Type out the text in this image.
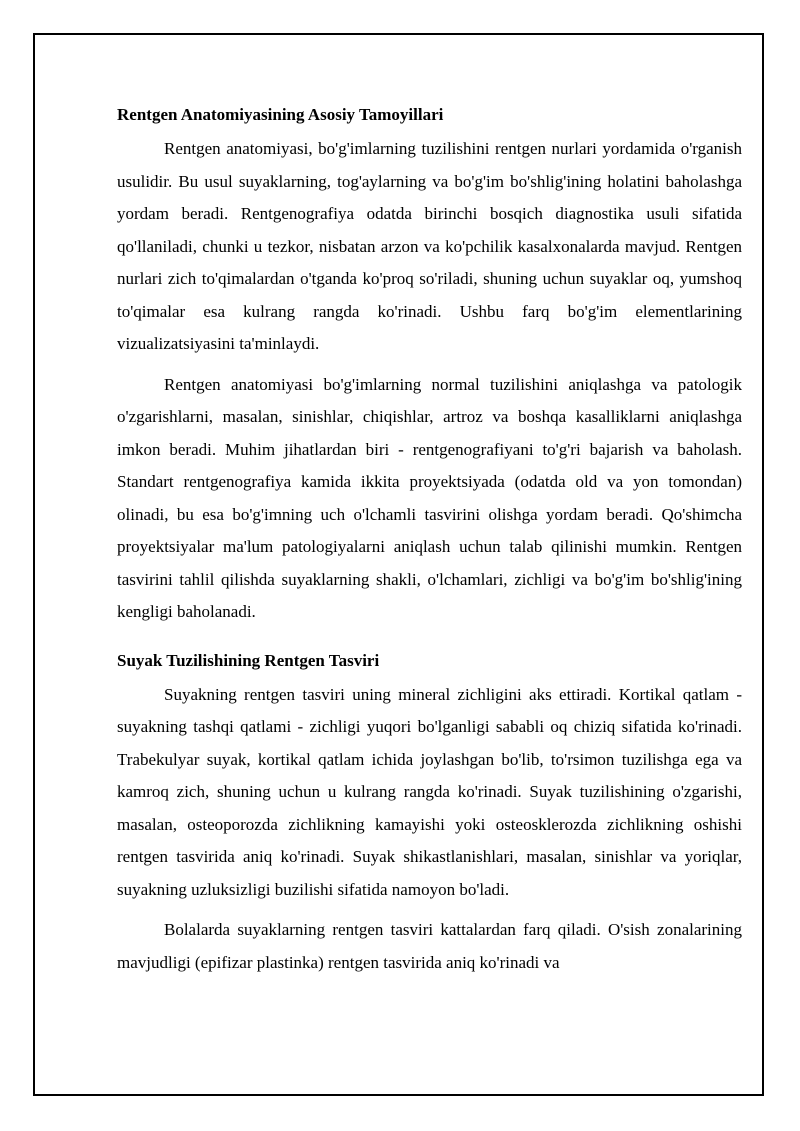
Rentgen Anatomiyasining Asosiy Tamoyillari

Rentgen anatomiyasi, bo'g'imlarning tuzilishini rentgen nurlari yordamida o'rganish usulidir. Bu usul suyaklarning, tog'aylarning va bo'g'im bo'shlig'ining holatini baholashga yordam beradi. Rentgenografiya odatda birinchi bosqich diagnostika usuli sifatida qo'llaniladi, chunki u tezkor, nisbatan arzon va ko'pchilik kasalxonalarda mavjud. Rentgen nurlari zich to'qimalardan o'tganda ko'proq so'riladi, shuning uchun suyaklar oq, yumshoq to'qimalar esa kulrang rangda ko'rinadi. Ushbu farq bo'g'im elementlarining vizualizatsiyasini ta'minlaydi.

Rentgen anatomiyasi bo'g'imlarning normal tuzilishini aniqlashga va patologik o'zgarishlarni, masalan, sinishlar, chiqishlar, artroz va boshqa kasalliklarni aniqlashga imkon beradi. Muhim jihatlardan biri - rentgenografiyani to'g'ri bajarish va baholash. Standart rentgenografiya kamida ikkita proyektsiyada (odatda old va yon tomondan) olinadi, bu esa bo'g'imning uch o'lchamli tasvirini olishga yordam beradi. Qo'shimcha proyektsiyalar ma'lum patologiyalarni aniqlash uchun talab qilinishi mumkin. Rentgen tasvirini tahlil qilishda suyaklarning shakli, o'lchamlari, zichligi va bo'g'im bo'shlig'ining kengligi baholanadi.

Suyak Tuzilishining Rentgen Tasviri

Suyakning rentgen tasviri uning mineral zichligini aks ettiradi. Kortikal qatlam - suyakning tashqi qatlami - zichligi yuqori bo'lganligi sababli oq chiziq sifatida ko'rinadi. Trabekulyar suyak, kortikal qatlam ichida joylashgan bo'lib, to'rsimon tuzilishga ega va kamroq zich, shuning uchun u kulrang rangda ko'rinadi. Suyak tuzilishining o'zgarishi, masalan, osteoporozda zichlikning kamayishi yoki osteosklerozda zichlikning oshishi rentgen tasvirida aniq ko'rinadi. Suyak shikastlanishlari, masalan, sinishlar va yoriqlar, suyakning uzluksizligi buzilishi sifatida namoyon bo'ladi.

Bolalarda suyaklarning rentgen tasviri kattalardan farq qiladi. O'sish zonalarining mavjudligi (epifizar plastinka) rentgen tasvirida aniq ko'rinadi va
